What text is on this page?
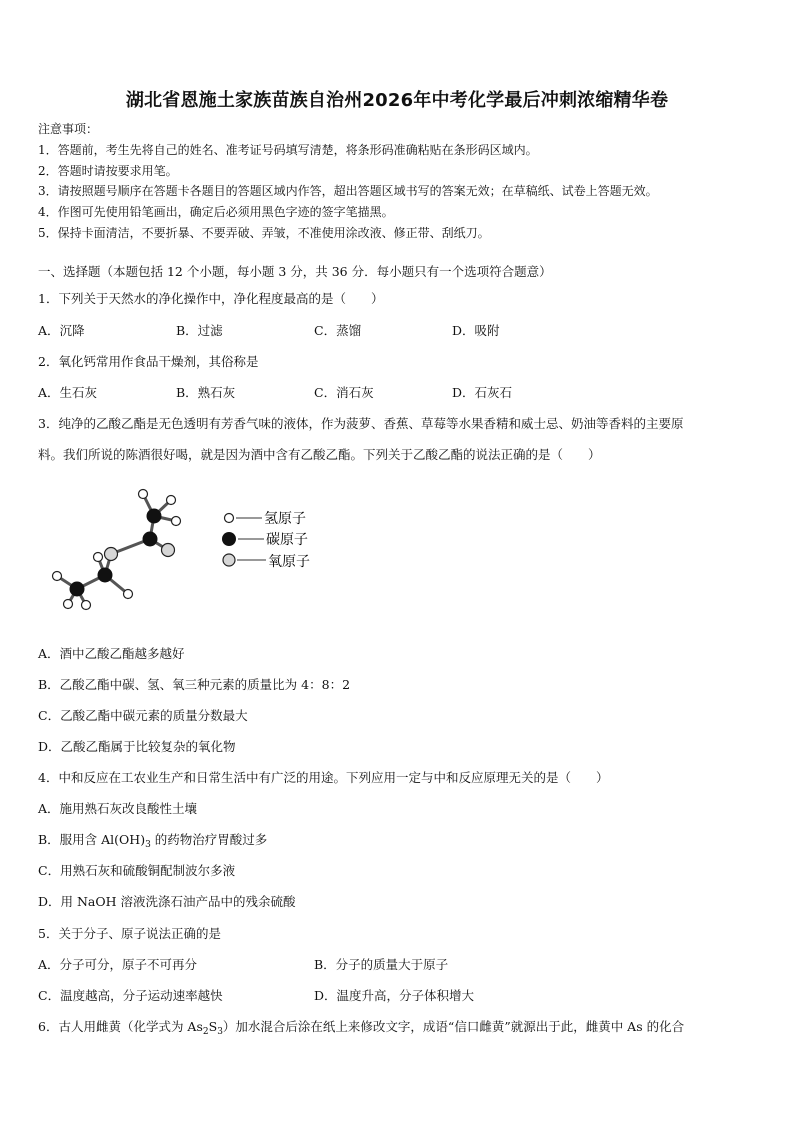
湖北省恩施土家族苗族自治州2026年中考化学最后冲刺浓缩精华卷
注意事项：
1．答题前，考生先将自己的姓名、准考证号码填写清楚，将条形码准确粘贴在条形码区域内。
2．答题时请按要求用笔。
3．请按照题号顺序在答题卡各题目的答题区域内作答，超出答题区域书写的答案无效；在草稿纸、试卷上答题无效。
4．作图可先使用铅笔画出，确定后必须用黑色字迹的签字笔描黑。
5．保持卡面清洁，不要折暴、不要弄破、弄皱，不准使用涂改液、修正带、刮纸刀。
一、选择题（本题包括 12 个小题，每小题 3 分，共 36 分．每小题只有一个选项符合题意）
1．下列关于天然水的净化操作中，净化程度最高的是（　　）
A．沉降	B．过滤	C．蒸馏	D．吸附
2．氧化钙常用作食品干燥剂，其俗称是
A．生石灰	B．熟石灰	C．消石灰	D．石灰石
3．纯净的乙酸乙酯是无色透明有芳香气味的液体，作为菠萝、香蕉、草莓等水果香精和威士忌、奶油等香料的主要原
料。我们所说的陈酒很好喝，就是因为酒中含有乙酸乙酯。下列关于乙酸乙酯的说法正确的是（　　）
氢原子
碳原子
氧原子
A．酒中乙酸乙酯越多越好
B．乙酸乙酯中碳、氢、氧三种元素的质量比为 4：8：2
C．乙酸乙酯中碳元素的质量分数最大
D．乙酸乙酯属于比较复杂的氧化物
4．中和反应在工农业生产和日常生活中有广泛的用途。下列应用一定与中和反应原理无关的是（　　）
A．施用熟石灰改良酸性土壤
B．服用含 $Al(OH)_3$ 的药物治疗胃酸过多
C．用熟石灰和硫酸铜配制波尔多液
D．用 NaOH 溶液洗涤石油产品中的残余硫酸
5．关于分子、原子说法正确的是
A．分子可分，原子不可再分	B．分子的质量大于原子
C．温度越高，分子运动速率越快	D．温度升高，分子体积增大
6．古人用雌黄（化学式为 $As_2S_3$）加水混合后涂在纸上来修改文字，成语“信口雌黄”就源出于此，雌黄中 As 的化合
